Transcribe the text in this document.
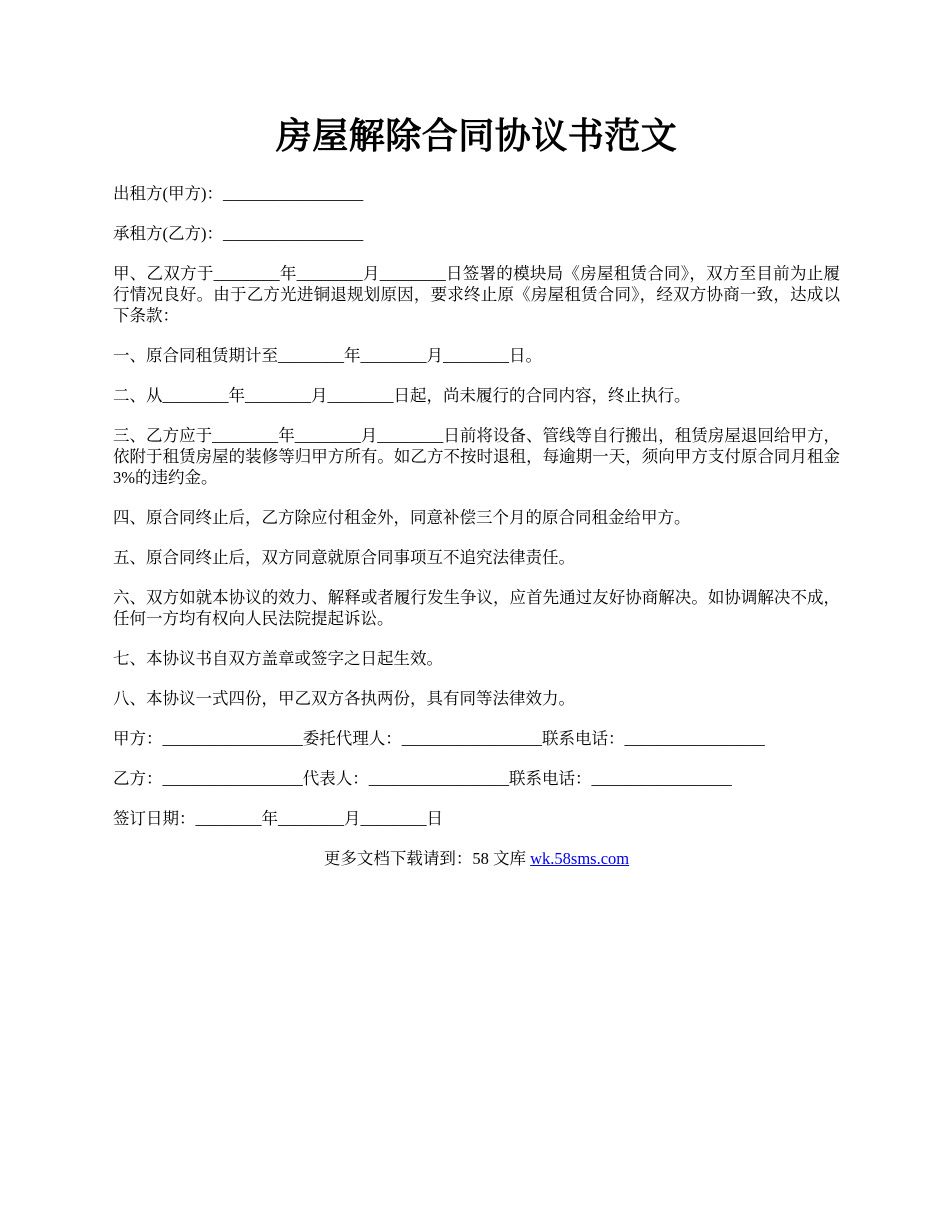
房屋解除合同协议书范文

出租方(甲方)：_________________

承租方(乙方)：_________________

甲、乙双方于________年________月________日签署的模块局《房屋租赁合同》，双方至目前为止履行情况良好。由于乙方光进铜退规划原因，要求终止原《房屋租赁合同》，经双方协商一致，达成以下条款：

一、原合同租赁期计至________年________月________日。

二、从________年________月________日起，尚未履行的合同内容，终止执行。

三、乙方应于________年________月________日前将设备、管线等自行搬出，租赁房屋退回给甲方，依附于租赁房屋的装修等归甲方所有。如乙方不按时退租，每逾期一天，须向甲方支付原合同月租金 3%的违约金。

四、原合同终止后，乙方除应付租金外，同意补偿三个月的原合同租金给甲方。

五、原合同终止后，双方同意就原合同事项互不追究法律责任。

六、双方如就本协议的效力、解释或者履行发生争议，应首先通过友好协商解决。如协调解决不成，任何一方均有权向人民法院提起诉讼。

七、本协议书自双方盖章或签字之日起生效。

八、本协议一式四份，甲乙双方各执两份，具有同等法律效力。

甲方：_________________委托代理人：_________________联系电话：_________________

乙方：_________________代表人：_________________联系电话：_________________

签订日期：________年________月________日

更多文档下载请到：58 文库 wk.58sms.com
